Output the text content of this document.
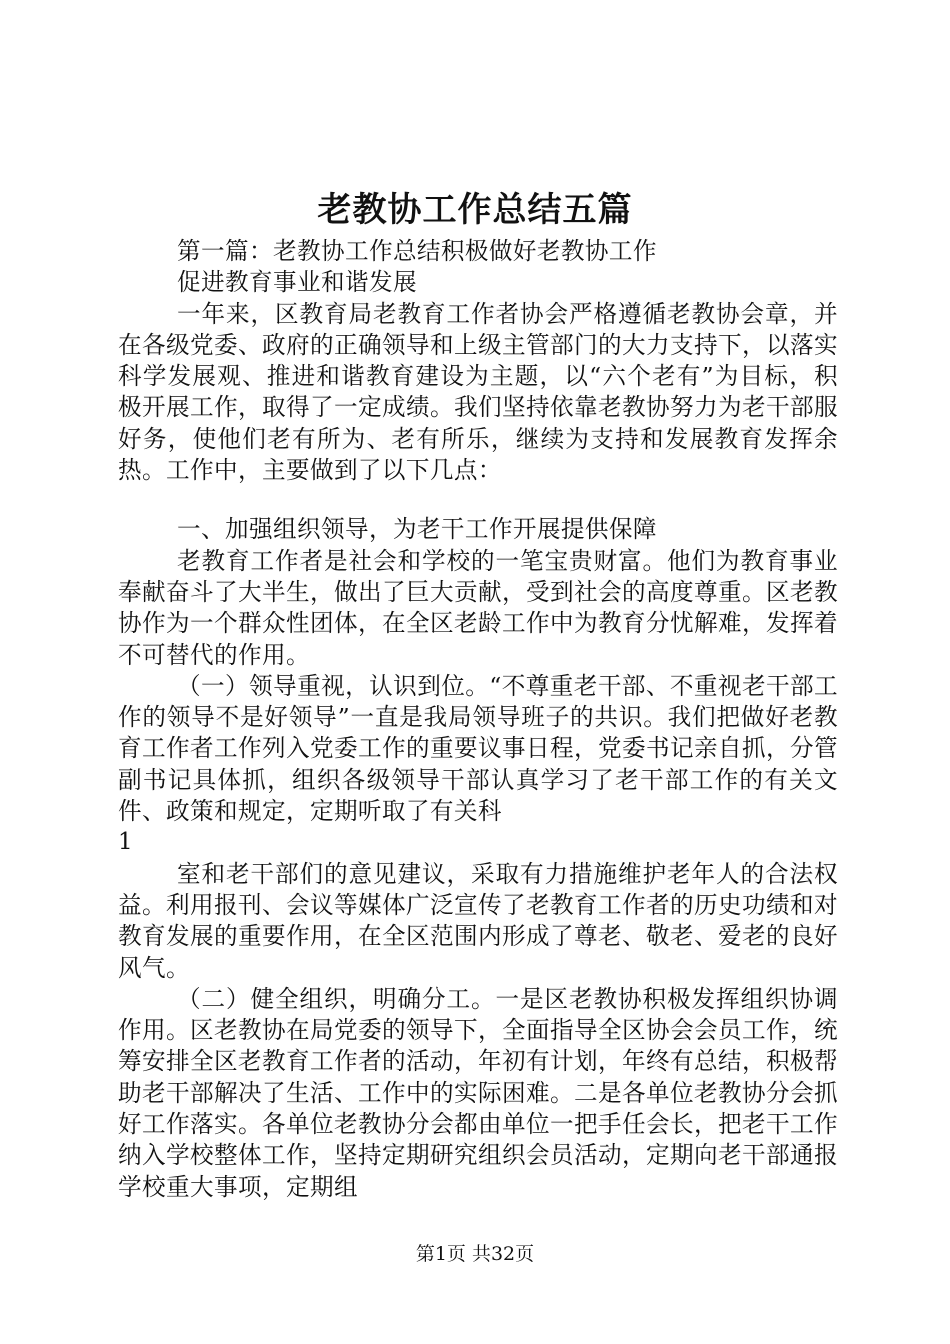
老教协工作总结五篇

第一篇：老教协工作总结积极做好老教协工作

促进教育事业和谐发展

一年来，区教育局老教育工作者协会严格遵循老教协会章，并在各级党委、政府的正确领导和上级主管部门的大力支持下，以落实科学发展观、推进和谐教育建设为主题，以“六个老有”为目标，积极开展工作，取得了一定成绩。我们坚持依靠老教协努力为老干部服好务，使他们老有所为、老有所乐，继续为支持和发展教育发挥余热。工作中，主要做到了以下几点：

一、加强组织领导，为老干工作开展提供保障

老教育工作者是社会和学校的一笔宝贵财富。他们为教育事业奉献奋斗了大半生，做出了巨大贡献，受到社会的高度尊重。区老教协作为一个群众性团体，在全区老龄工作中为教育分忧解难，发挥着不可替代的作用。

（一）领导重视，认识到位。“不尊重老干部、不重视老干部工作的领导不是好领导”一直是我局领导班子的共识。我们把做好老教育工作者工作列入党委工作的重要议事日程，党委书记亲自抓，分管副书记具体抓，组织各级领导干部认真学习了老干部工作的有关文件、政策和规定，定期听取了有关科

1

室和老干部们的意见建议，采取有力措施维护老年人的合法权益。利用报刊、会议等媒体广泛宣传了老教育工作者的历史功绩和对教育发展的重要作用，在全区范围内形成了尊老、敬老、爱老的良好风气。

（二）健全组织，明确分工。一是区老教协积极发挥组织协调作用。区老教协在局党委的领导下，全面指导全区协会会员工作，统筹安排全区老教育工作者的活动，年初有计划，年终有总结，积极帮助老干部解决了生活、工作中的实际困难。二是各单位老教协分会抓好工作落实。各单位老教协分会都由单位一把手任会长，把老干工作纳入学校整体工作，坚持定期研究组织会员活动，定期向老干部通报学校重大事项，定期组

第1页 共32页
